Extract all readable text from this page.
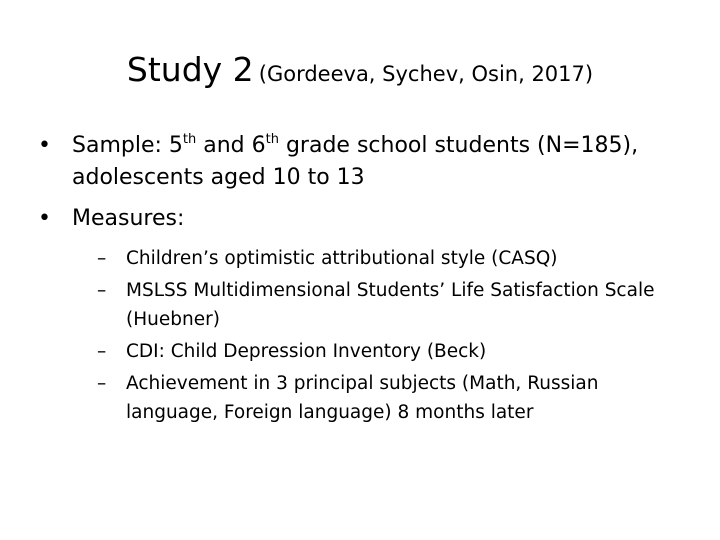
Study 2 (Gordeeva, Sychev, Osin, 2017)
• Sample: 5th and 6th grade school students (N=185), adolescents aged 10 to 13
• Measures:
– Children’s optimistic attributional style (CASQ)
– MSLSS Multidimensional Students’ Life Satisfaction Scale (Huebner)
– CDI: Child Depression Inventory (Beck)
– Achievement in 3 principal subjects (Math, Russian language, Foreign language) 8 months later
